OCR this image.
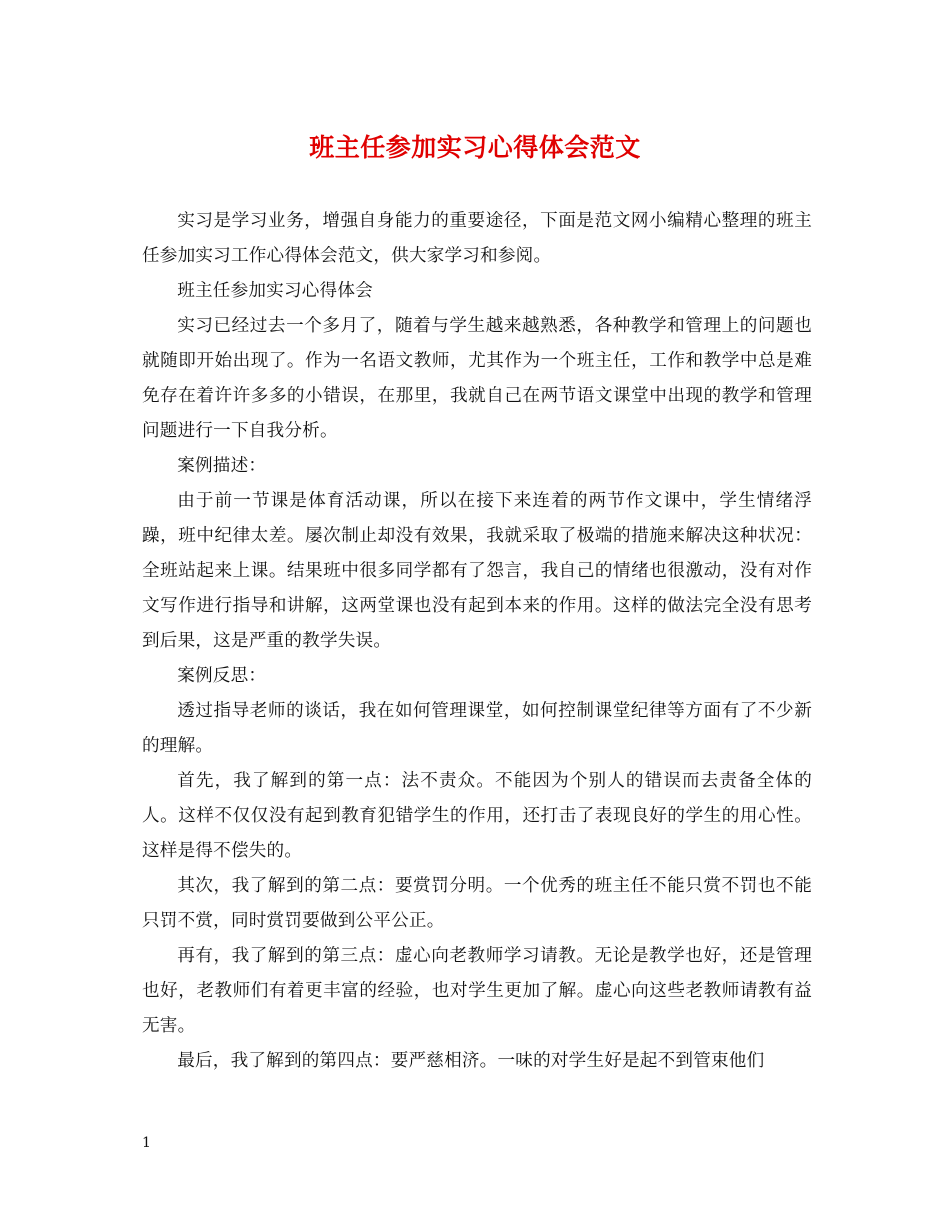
班主任参加实习心得体会范文

实习是学习业务，增强自身能力的重要途径，下面是范文网小编精心整理的班主任参加实习工作心得体会范文，供大家学习和参阅。

班主任参加实习心得体会

实习已经过去一个多月了，随着与学生越来越熟悉，各种教学和管理上的问题也就随即开始出现了。作为一名语文教师，尤其作为一个班主任，工作和教学中总是难免存在着许许多多的小错误，在那里，我就自己在两节语文课堂中出现的教学和管理问题进行一下自我分析。

案例描述：

由于前一节课是体育活动课，所以在接下来连着的两节作文课中，学生情绪浮躁，班中纪律太差。屡次制止却没有效果，我就采取了极端的措施来解决这种状况：全班站起来上课。结果班中很多同学都有了怨言，我自己的情绪也很激动，没有对作文写作进行指导和讲解，这两堂课也没有起到本来的作用。这样的做法完全没有思考到后果，这是严重的教学失误。

案例反思：

透过指导老师的谈话，我在如何管理课堂，如何控制课堂纪律等方面有了不少新的理解。

首先，我了解到的第一点：法不责众。不能因为个别人的错误而去责备全体的人。这样不仅仅没有起到教育犯错学生的作用，还打击了表现良好的学生的用心性。这样是得不偿失的。

其次，我了解到的第二点：要赏罚分明。一个优秀的班主任不能只赏不罚也不能只罚不赏，同时赏罚要做到公平公正。

再有，我了解到的第三点：虚心向老教师学习请教。无论是教学也好，还是管理也好，老教师们有着更丰富的经验，也对学生更加了解。虚心向这些老教师请教有益无害。

最后，我了解到的第四点：要严慈相济。一味的对学生好是起不到管束他们

1
